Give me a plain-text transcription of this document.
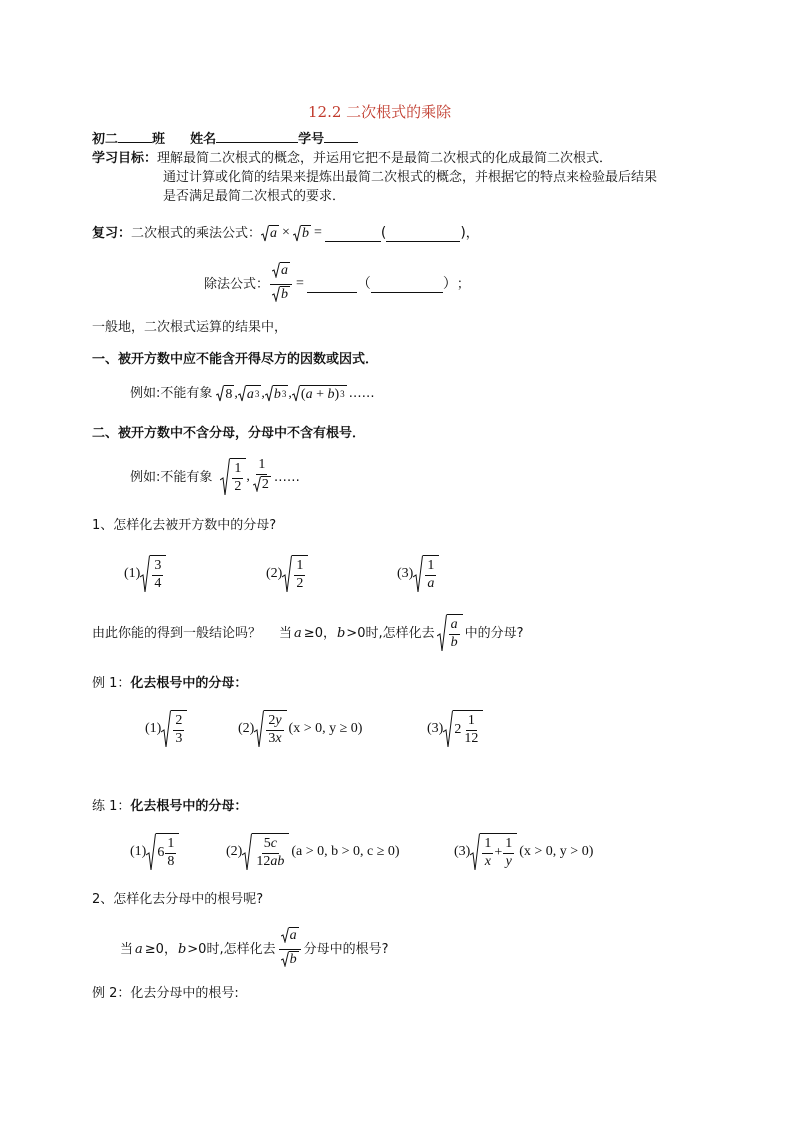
12.2 二次根式的乘除
初二	班 姓名	学号
学习目标：理解最简二次根式的概念，并运用它把不是最简二次根式的化成最简二次根式．
通过计算或化简的结果来提炼出最简二次根式的概念，并根据它的特点来检验最后结果
是否满足最简二次根式的要求．
复习： 二次根式的乘法公式： a × b =	(	) ，
除法公式： $\frac{a}{b}$ =	（	） ；
一般地，二次根式运算的结果中，
一、被开方数中应不能含开得尽方的因数或因式．
例如:不能有象 8 , a 3 , b 3 , ( a + b ) 3 ……
二、被开方数中不含分母，分母中不含有根号．
例如:不能有象 $\frac{1}{2}$ , $\frac{1}{2}$ ……
1、怎样化去被开方数中的分母?
$(1) \frac{3}{4}$	$(2) \frac{1}{2}$	$(3) \frac{1}{a}$
由此你能的得到一般结论吗？ 当 a ≥0， b >0时,怎样化去 $\frac{a}{b}$ 中的分母?
例 1：化去根号中的分母：
$(1) \frac{2}{3}$	$(2) \frac{2y}{3x} (x > 0$, y ≥ 0)	(3) $2 \frac{1}{12}$
练 1：化去根号中的分母：
(1) $6 \frac{1}{8}$	$(2) \frac{5c}{12ab} (a > 0$, b > 0, c ≥ 0)	$(3) \frac{1}{x} + \frac{1}{y} (x > 0$, y > 0)
2、怎样化去分母中的根号呢?
当 a ≥0， b >0时,怎样化去 $\frac{a}{b}$ 分母中的根号?
例 2：化去分母中的根号:
